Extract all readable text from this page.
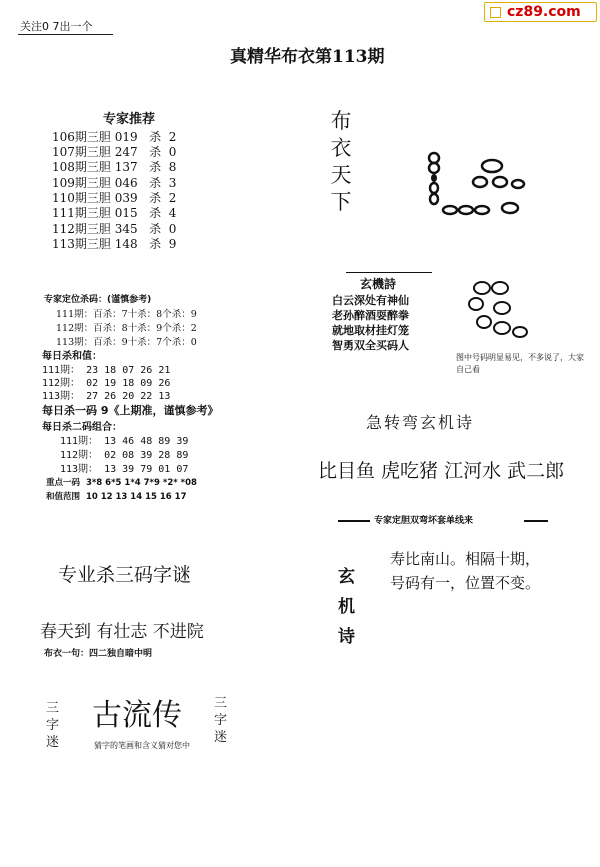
关注0 7出一个
cz89.com
真精华布衣第113期
专家推荐
106期三胆 019 杀 2
107期三胆 247 杀 0
108期三胆 137 杀 8
109期三胆 046 杀 3
110期三胆 039 杀 2
111期三胆 015 杀 4
112期三胆 345 杀 0
113期三胆 148 杀 9
专家定位杀码：(谨慎参考)
111期：百杀：7十杀：8个杀：9
112期：百杀：8十杀：9个杀：2
113期：百杀：9十杀：7个杀：0
每日杀和值：
111期： 23 18 07 26 21
112期： 02 19 18 09 26
113期： 27 26 20 22 13
每日杀一码 9《上期准，谨慎参考》
每日杀二码组合：
111期： 13 46 48 89 39
112期： 02 08 39 28 89
113期： 13 39 79 01 07
重点一码 3*8 6*5 1*4 7*9 *2* *08
和值范围 10 12 13 14 15 16 17
专业杀三码字谜
春天到 有壮志 不进院
布衣一句：四二独自暗中明
三字迷
古流传
猜字的笔画和含义猜对您中
三字迷
布衣天下
玄機詩
白云深处有神仙
老孙醉酒耍醉拳
就地取材挂灯笼
智勇双全买码人
图中号码明显易见，不多说了，大家自己看
急转弯玄机诗
比目鱼 虎吃猪 江河水 武二郎
专家定胆双弯坏套单线来
玄机诗
寿比南山。相隔十期，
号码有一，位置不变。
